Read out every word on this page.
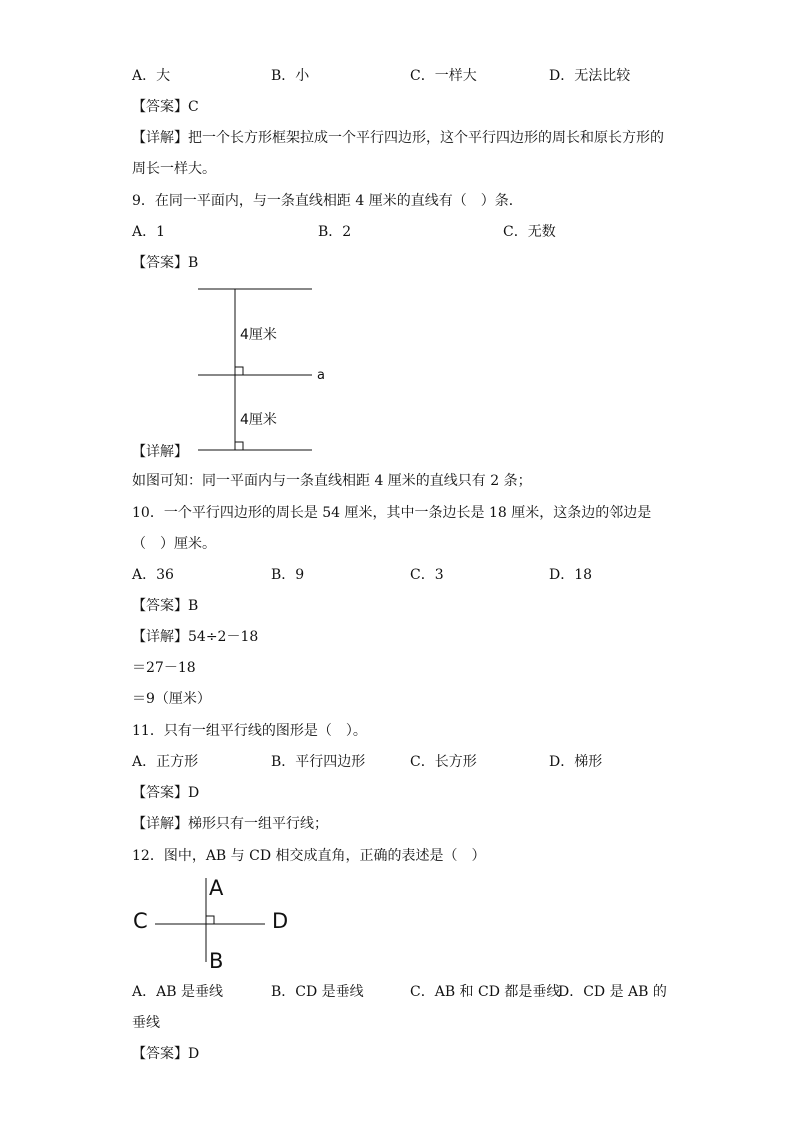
A．大	B．小	C．一样大	D．无法比较
【答案】C
【详解】把一个长方形框架拉成一个平行四边形，这个平行四边形的周长和原长方形的
周长一样大。
9．在同一平面内，与一条直线相距 4 厘米的直线有（　）条．
A．1	B．2	C．无数
【答案】B
4厘米
4厘米
a
【详解】
如图可知：同一平面内与一条直线相距 4 厘米的直线只有 2 条；
10．一个平行四边形的周长是 54 厘米，其中一条边长是 18 厘米，这条边的邻边是
（　）厘米。
A．36	B．9	C．3	D．18
【答案】B
【详解】54÷2－18
＝27－18
＝9（厘米）
11．只有一组平行线的图形是（　）。
A．正方形	B．平行四边形	C．长方形	D．梯形
【答案】D
【详解】梯形只有一组平行线；
12．图中，AB 与 CD 相交成直角，正确的表述是（　）
A
B
C	D
A．AB 是垂线	B．CD 是垂线	C．AB 和 CD 都是垂线
D．CD 是 AB 的
垂线
【答案】D
